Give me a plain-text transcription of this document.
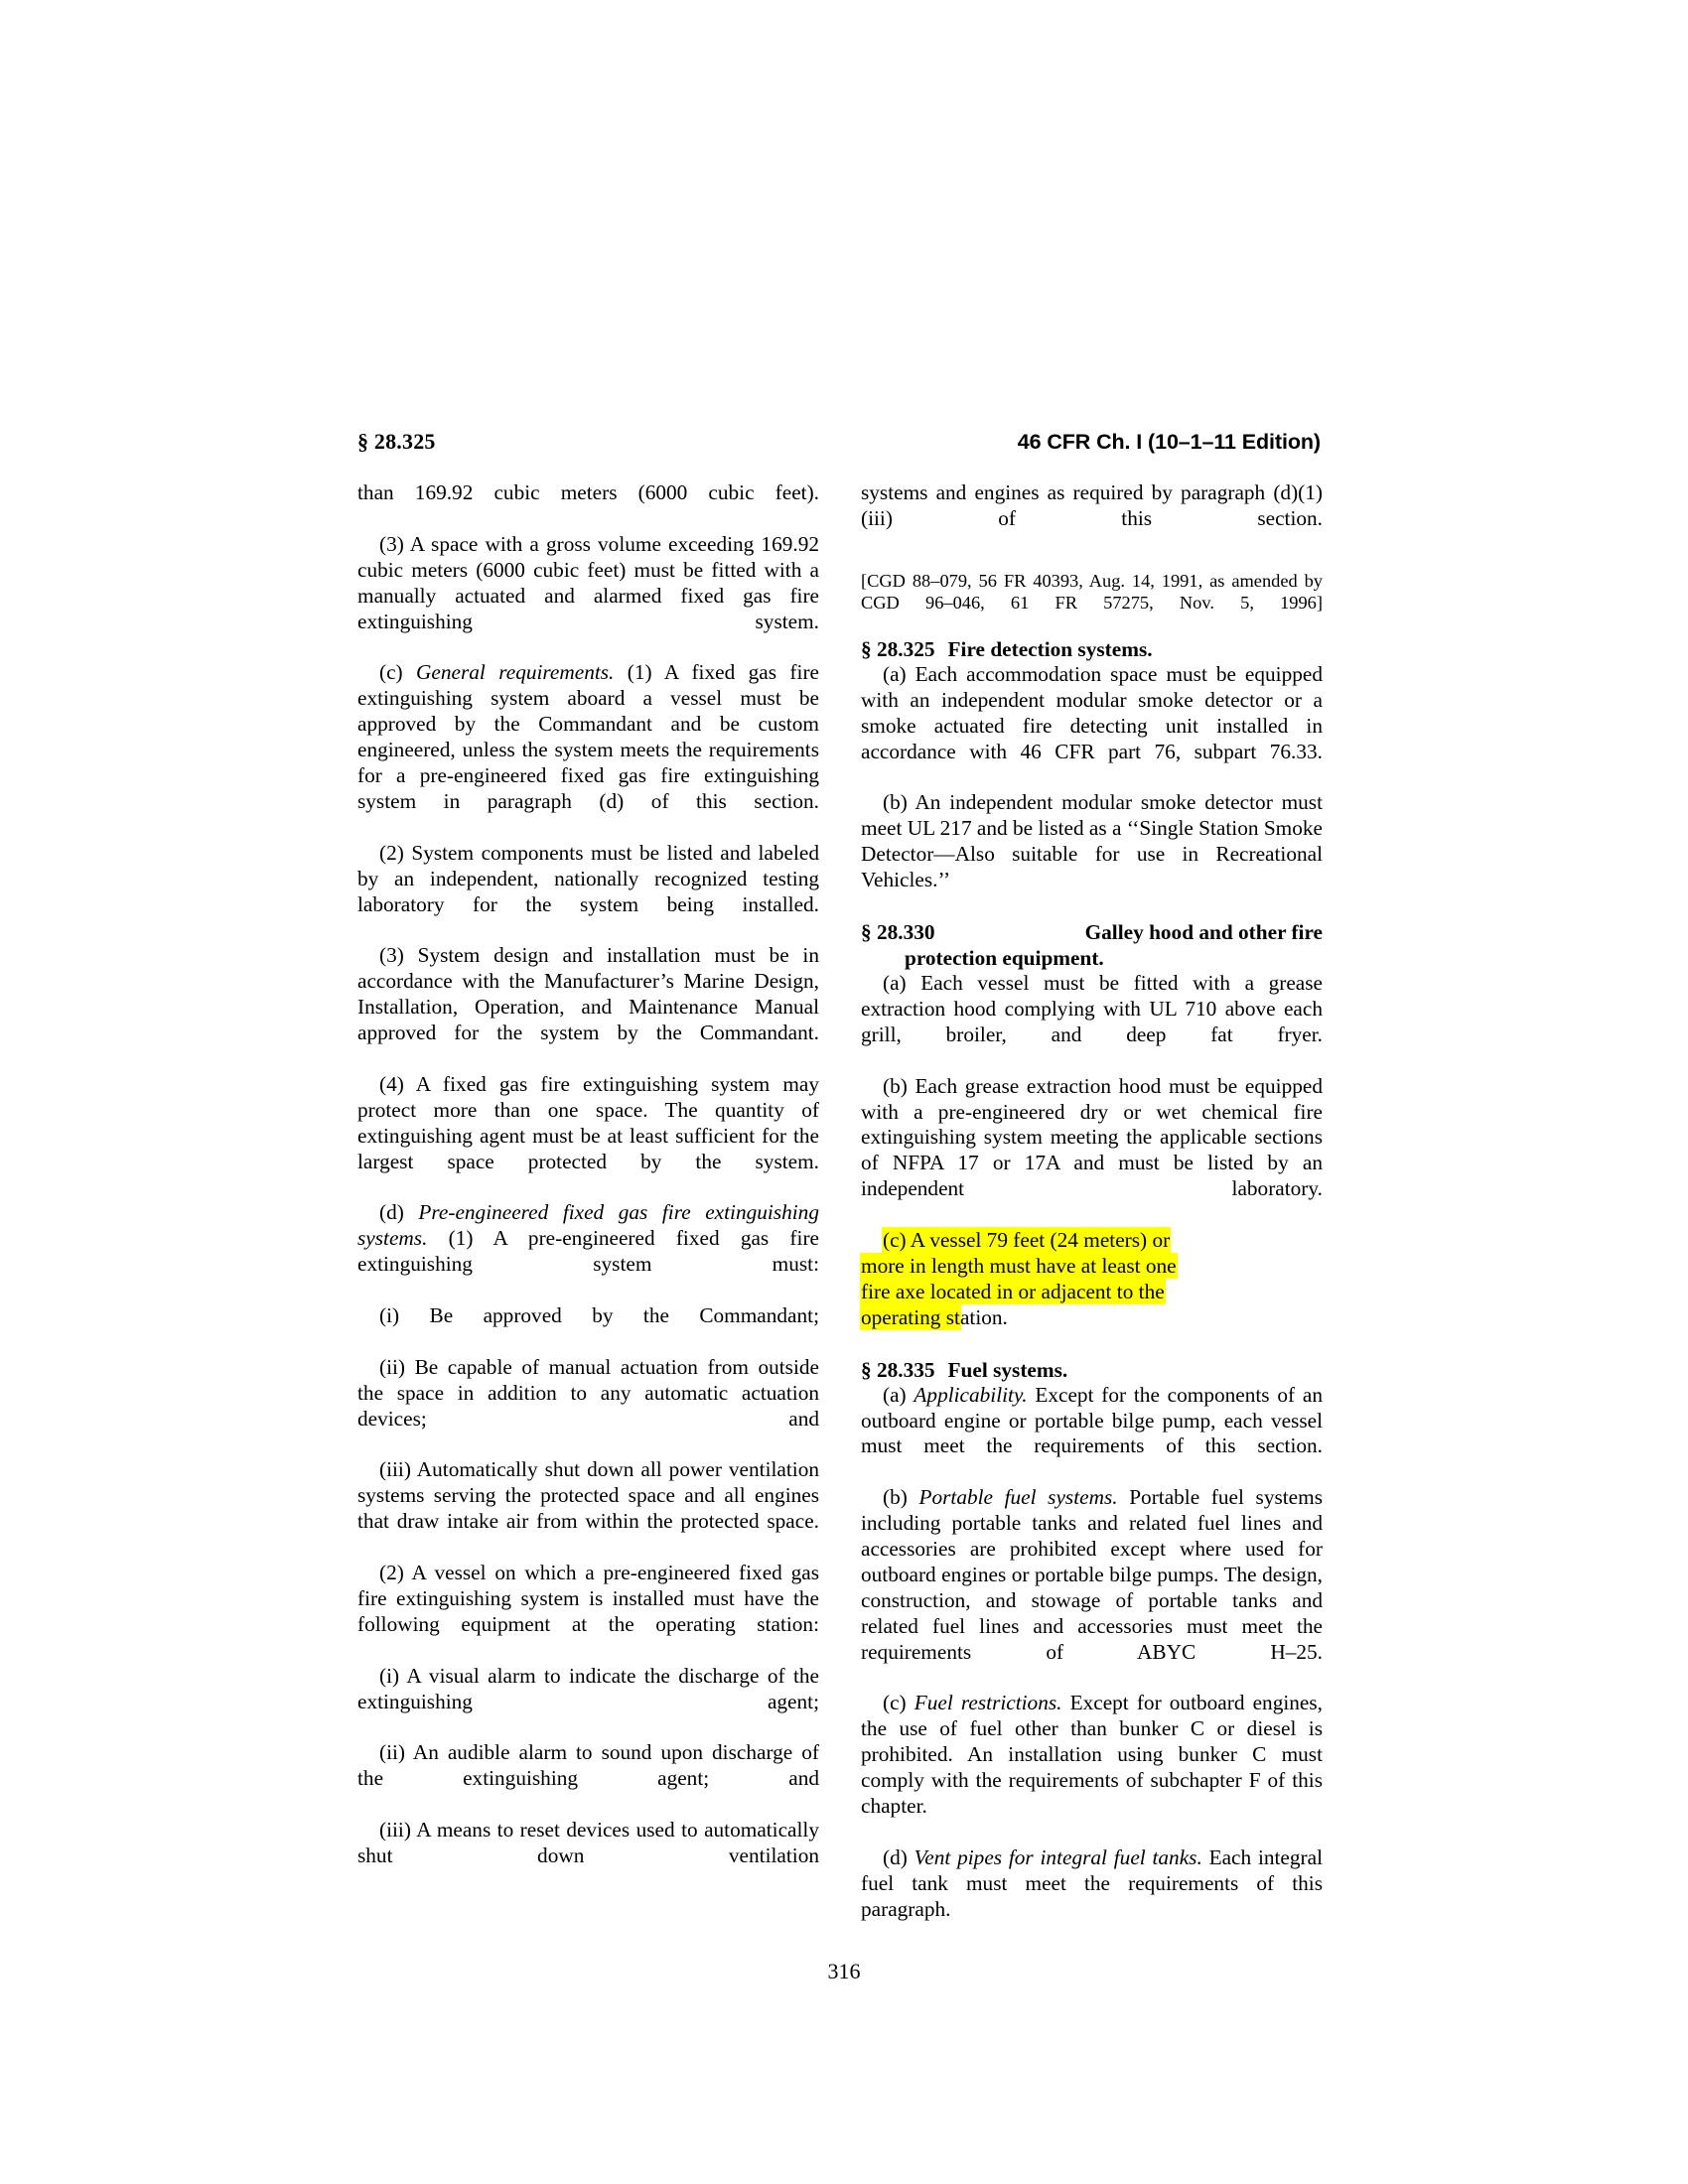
§ 28.325	46 CFR Ch. I (10–1–11 Edition)

than 169.92 cubic meters (6000 cubic feet).

(3) A space with a gross volume exceeding 169.92 cubic meters (6000 cubic feet) must be fitted with a manually actuated and alarmed fixed gas fire extinguishing system.

(c) General requirements. (1) A fixed gas fire extinguishing system aboard a vessel must be approved by the Commandant and be custom engineered, unless the system meets the requirements for a pre-engineered fixed gas fire extinguishing system in paragraph (d) of this section.

(2) System components must be listed and labeled by an independent, nationally recognized testing laboratory for the system being installed.

(3) System design and installation must be in accordance with the Manufacturer’s Marine Design, Installation, Operation, and Maintenance Manual approved for the system by the Commandant.

(4) A fixed gas fire extinguishing system may protect more than one space. The quantity of extinguishing agent must be at least sufficient for the largest space protected by the system.

(d) Pre-engineered fixed gas fire extinguishing systems. (1) A pre-engineered fixed gas fire extinguishing system must:

(i) Be approved by the Commandant;

(ii) Be capable of manual actuation from outside the space in addition to any automatic actuation devices; and

(iii) Automatically shut down all power ventilation systems serving the protected space and all engines that draw intake air from within the protected space.

(2) A vessel on which a pre-engineered fixed gas fire extinguishing system is installed must have the following equipment at the operating station:

(i) A visual alarm to indicate the discharge of the extinguishing agent;

(ii) An audible alarm to sound upon discharge of the extinguishing agent; and

(iii) A means to reset devices used to automatically shut down ventilation

systems and engines as required by paragraph (d)(1)(iii) of this section.

[CGD 88–079, 56 FR 40393, Aug. 14, 1991, as amended by CGD 96–046, 61 FR 57275, Nov. 5, 1996]

§ 28.325 Fire detection systems.

(a) Each accommodation space must be equipped with an independent modular smoke detector or a smoke actuated fire detecting unit installed in accordance with 46 CFR part 76, subpart 76.33.

(b) An independent modular smoke detector must meet UL 217 and be listed as a ‘‘Single Station Smoke Detector—Also suitable for use in Recreational Vehicles.’’

§ 28.330	Galley hood and other fire
protection equipment.

(a) Each vessel must be fitted with a grease extraction hood complying with UL 710 above each grill, broiler, and deep fat fryer.

(b) Each grease extraction hood must be equipped with a pre-engineered dry or wet chemical fire extinguishing system meeting the applicable sections of NFPA 17 or 17A and must be listed by an independent laboratory.

(c) A vessel 79 feet (24 meters) or
more in length must have at least one
fire axe located in or adjacent to the
operating station.

§ 28.335 Fuel systems.

(a) Applicability. Except for the components of an outboard engine or portable bilge pump, each vessel must meet the requirements of this section.

(b) Portable fuel systems. Portable fuel systems including portable tanks and related fuel lines and accessories are prohibited except where used for outboard engines or portable bilge pumps. The design, construction, and stowage of portable tanks and related fuel lines and accessories must meet the requirements of ABYC H–25.

(c) Fuel restrictions. Except for outboard engines, the use of fuel other than bunker C or diesel is prohibited. An installation using bunker C must comply with the requirements of subchapter F of this chapter.

(d) Vent pipes for integral fuel tanks. Each integral fuel tank must meet the requirements of this paragraph.

316
